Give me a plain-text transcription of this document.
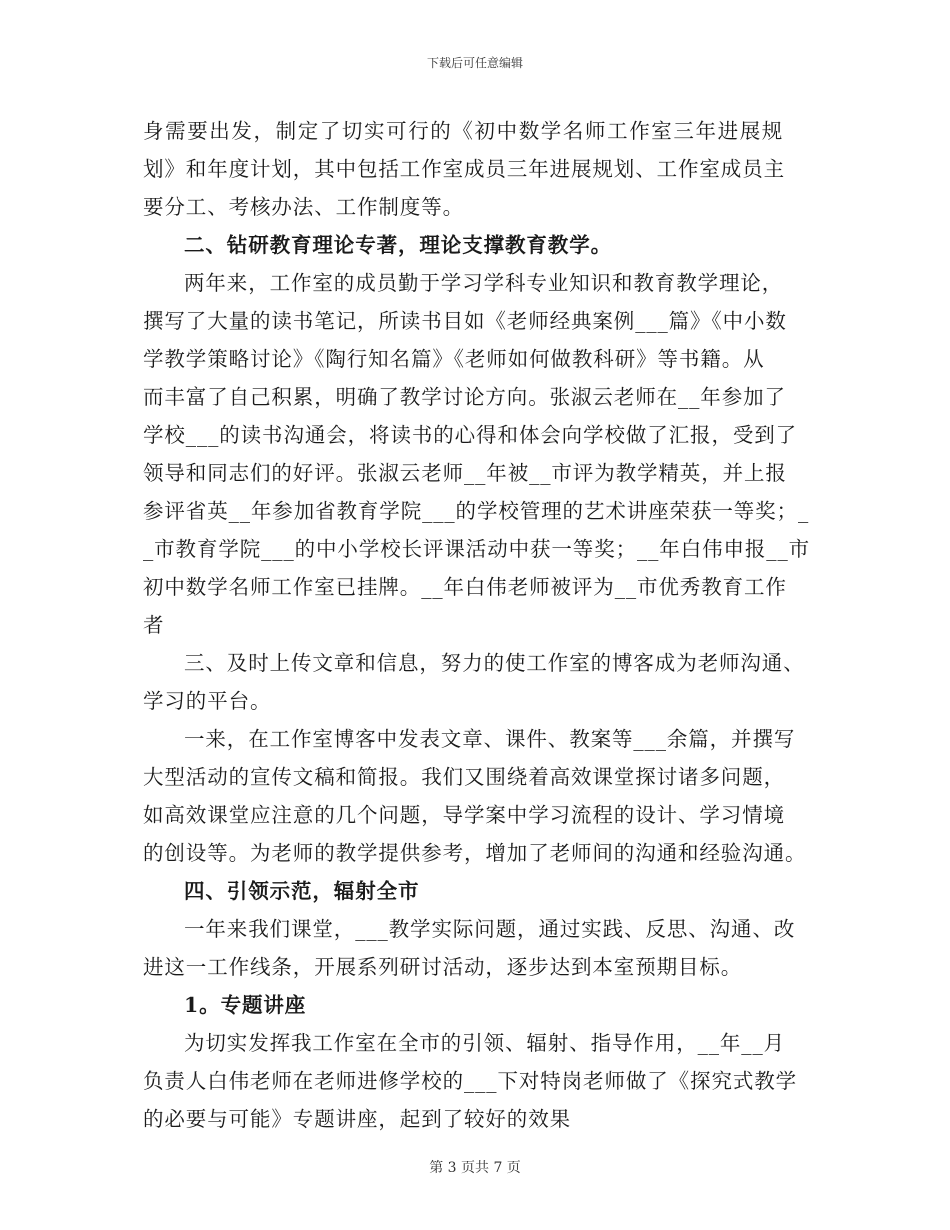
下载后可任意编辑
身需要出发，制定了切实可行的《初中数学名师工作室三年进展规
划》和年度计划，其中包括工作室成员三年进展规划、工作室成员主
要分工、考核办法、工作制度等。
二、钻研教育理论专著，理论支撑教育教学。
两年来，工作室的成员勤于学习学科专业知识和教育教学理论，
撰写了大量的读书笔记，所读书目如《老师经典案例___篇》《中小数
学教学策略讨论》《陶行知名篇》《老师如何做教科研》等书籍。从
而丰富了自己积累，明确了教学讨论方向。张淑云老师在__年参加了
学校___的读书沟通会，将读书的心得和体会向学校做了汇报，受到了
领导和同志们的好评。张淑云老师__年被__市评为教学精英，并上报
参评省英__年参加省教育学院___的学校管理的艺术讲座荣获一等奖；_
_市教育学院___的中小学校长评课活动中获一等奖；__年白伟申报__市
初中数学名师工作室已挂牌。__年白伟老师被评为__市优秀教育工作
者
三、及时上传文章和信息，努力的使工作室的博客成为老师沟通、
学习的平台。
一来，在工作室博客中发表文章、课件、教案等___余篇，并撰写
大型活动的宣传文稿和简报。我们又围绕着高效课堂探讨诸多问题，
如高效课堂应注意的几个问题，导学案中学习流程的设计、学习情境
的创设等。为老师的教学提供参考，增加了老师间的沟通和经验沟通。
四、引领示范，辐射全市
一年来我们课堂，___教学实际问题，通过实践、反思、沟通、改
进这一工作线条，开展系列研讨活动，逐步达到本室预期目标。
1。专题讲座
为切实发挥我工作室在全市的引领、辐射、指导作用，__年__月
负责人白伟老师在老师进修学校的___下对特岗老师做了《探究式教学
的必要与可能》专题讲座，起到了较好的效果
第 3 页共 7 页
